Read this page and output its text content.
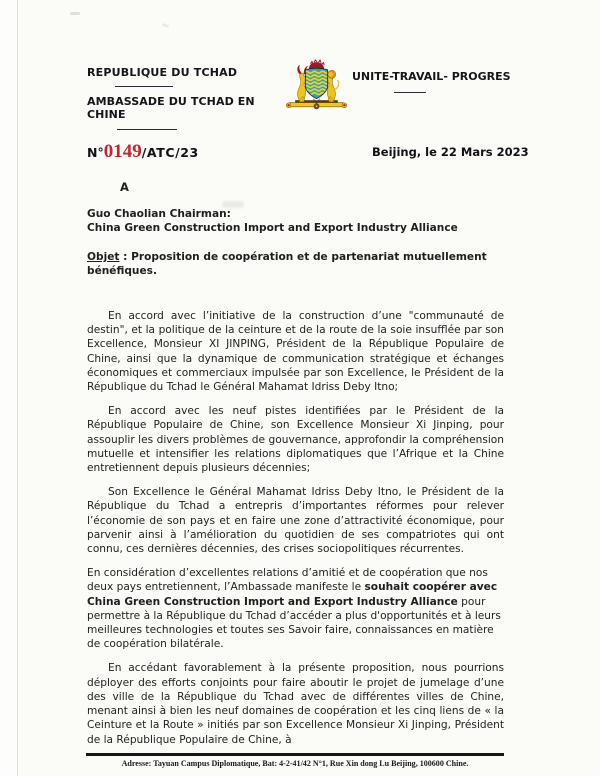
REPUBLIQUE DU TCHAD
AMBASSADE DU TCHAD EN CHINE
UNITE-TRAVAIL- PROGRES
N°0149/ATC/23	Beijing, le 22 Mars 2023
A
Guo Chaolian Chairman:
China Green Construction Import and Export Industry Alliance
Objet : Proposition de coopération et de partenariat mutuellement bénéfiques.

En accord avec l’initiative de la construction d’une "communauté de destin", et la politique de la ceinture et de la route de la soie insufflée par son Excellence, Monsieur XI JINPING, Président de la République Populaire de Chine, ainsi que la dynamique de communication stratégique et échanges économiques et commerciaux impulsée par son Excellence, le Président de la République du Tchad le Général Mahamat Idriss Deby Itno;

En accord avec les neuf pistes identifiées par le Président de la République Populaire de Chine, son Excellence Monsieur Xi Jinping, pour assouplir les divers problèmes de gouvernance, approfondir la compréhension mutuelle et intensifier les relations diplomatiques que l’Afrique et la Chine entretiennent depuis plusieurs décennies;

Son Excellence le Général Mahamat Idriss Deby Itno, le Président de la République du Tchad a entrepris d’importantes réformes pour relever l’économie de son pays et en faire une zone d’attractivité économique, pour parvenir ainsi à l’amélioration du quotidien de ses compatriotes qui ont connu, ces dernières décennies, des crises sociopolitiques récurrentes.

En considération d’excellentes relations d’amitié et de coopération que nos deux pays entretiennent, l’Ambassade manifeste le souhait coopérer avec China Green Construction Import and Export Industry Alliance pour permettre à la République du Tchad d’accéder a plus d'opportunités et à leurs meilleures technologies et toutes ses Savoir faire, connaissances en matière de coopération bilatérale.

En accédant favorablement à la présente proposition, nous pourrions déployer des efforts conjoints pour faire aboutir le projet de jumelage d’une des ville de la République du Tchad avec de différentes villes de Chine, menant ainsi à bien les neuf domaines de coopération et les cinq liens de « la Ceinture et la Route » initiés par son Excellence Monsieur Xi Jinping, Président de la République Populaire de Chine, à

Adresse: Tayuan Campus Diplomatique, Bat: 4-2-41/42 N°1, Rue Xin dong Lu Beijing, 100600 Chine.
